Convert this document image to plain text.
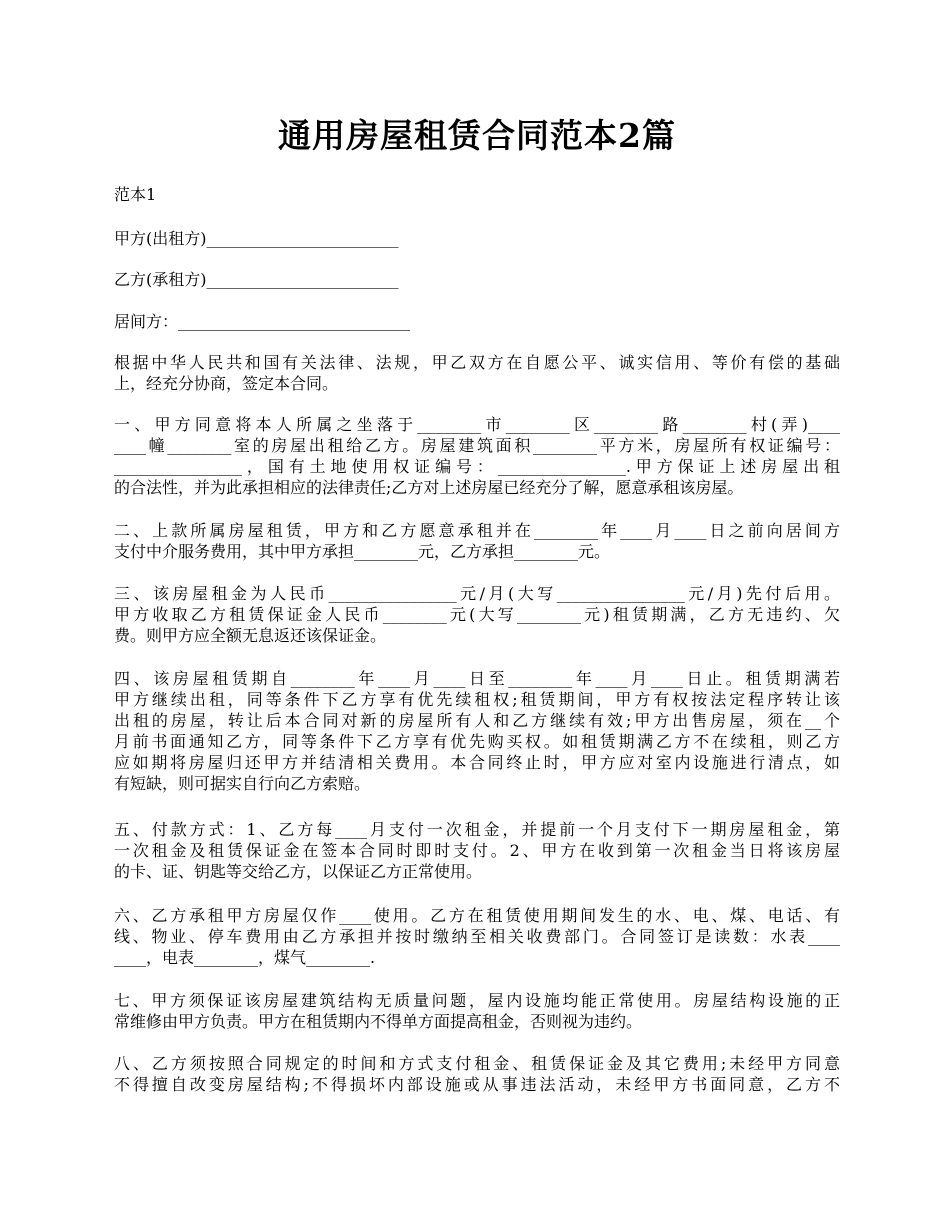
通用房屋租赁合同范本2篇
范本1
甲方(出租方)________________________
乙方(承租方)________________________
居间方：_____________________________
根据中华人民共和国有关法律、法规，甲乙双方在自愿公平、诚实信用、等价有偿的基础
上，经充分协商，签定本合同。
一、甲方同意将本人所属之坐落于________市________区________路________村(弄)____
____幢________室的房屋出租给乙方。房屋建筑面积________平方米，房屋所有权证编号：
________________，国有土地使用权证编号：________________.甲方保证上述房屋出租
的合法性，并为此承担相应的法律责任;乙方对上述房屋已经充分了解，愿意承租该房屋。
二、上款所属房屋租赁，甲方和乙方愿意承租并在________年____月____日之前向居间方
支付中介服务费用，其中甲方承担________元，乙方承担________元。
三、该房屋租金为人民币________________元/月(大写________________元/月)先付后用。
甲方收取乙方租赁保证金人民币________元(大写________元)租赁期满，乙方无违约、欠
费。则甲方应全额无息返还该保证金。
四、该房屋租赁期自________年____月____日至________年____月____日止。租赁期满若
甲方继续出租，同等条件下乙方享有优先续租权;租赁期间，甲方有权按法定程序转让该
出租的房屋，转让后本合同对新的房屋所有人和乙方继续有效;甲方出售房屋，须在__个
月前书面通知乙方，同等条件下乙方享有优先购买权。如租赁期满乙方不在续租，则乙方
应如期将房屋归还甲方并结清相关费用。本合同终止时，甲方应对室内设施进行清点，如
有短缺，则可据实自行向乙方索赔。
五、付款方式：1、乙方每____月支付一次租金，并提前一个月支付下一期房屋租金，第
一次租金及租赁保证金在签本合同时即时支付。2、甲方在收到第一次租金当日将该房屋
的卡、证、钥匙等交给乙方，以保证乙方正常使用。
六、乙方承租甲方房屋仅作____使用。乙方在租赁使用期间发生的水、电、煤、电话、有
线、物业、停车费用由乙方承担并按时缴纳至相关收费部门。合同签订是读数：水表____
____，电表________，煤气________.
七、甲方须保证该房屋建筑结构无质量问题，屋内设施均能正常使用。房屋结构设施的正
常维修由甲方负责。甲方在租赁期内不得单方面提高租金，否则视为违约。
八、乙方须按照合同规定的时间和方式支付租金、租赁保证金及其它费用;未经甲方同意
不得擅自改变房屋结构;不得损坏内部设施或从事违法活动，未经甲方书面同意，乙方不
